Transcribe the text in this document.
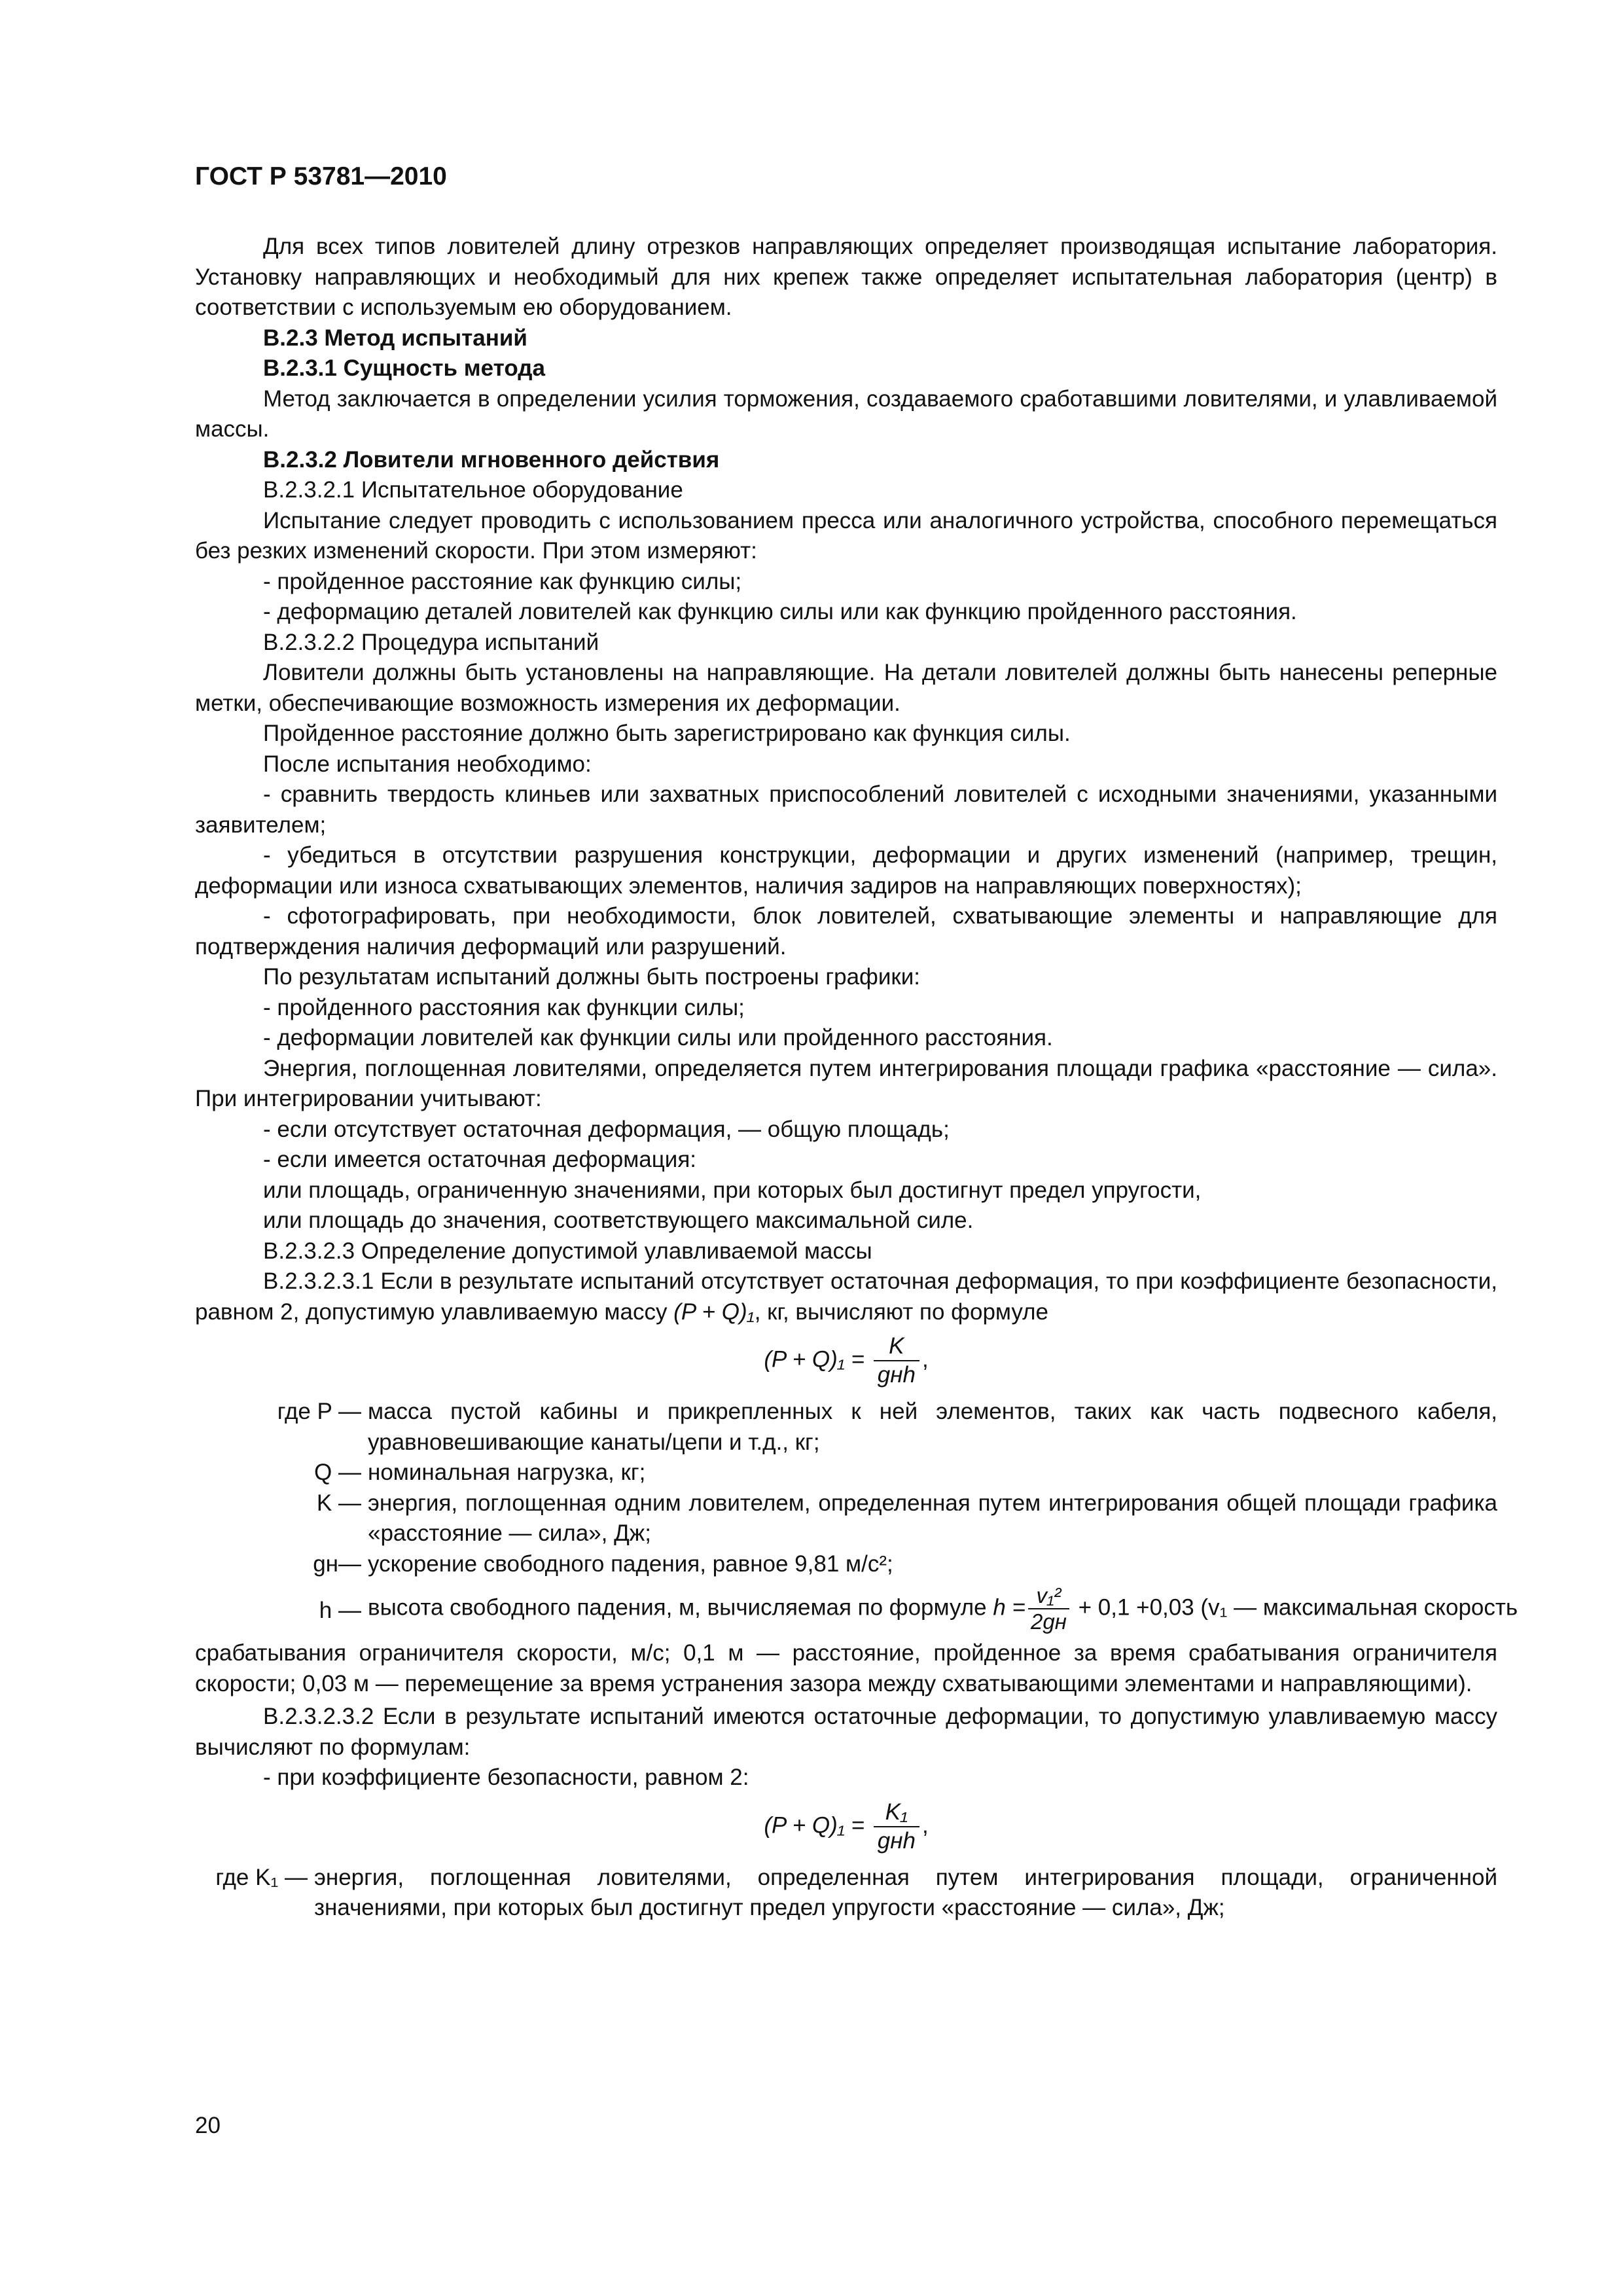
ГОСТ Р 53781—2010

Для всех типов ловителей длину отрезков направляющих определяет производящая испытание лаборатория. Установку направляющих и необходимый для них крепеж также определяет испытательная лаборатория (центр) в соответствии с используемым ею оборудованием.

В.2.3 Метод испытаний

В.2.3.1 Сущность метода

Метод заключается в определении усилия торможения, создаваемого сработавшими ловителями, и улавливаемой массы.

В.2.3.2 Ловители мгновенного действия

В.2.3.2.1 Испытательное оборудование

Испытание следует проводить с использованием пресса или аналогичного устройства, способного перемещаться без резких изменений скорости. При этом измеряют:

- пройденное расстояние как функцию силы;

- деформацию деталей ловителей как функцию силы или как функцию пройденного расстояния.

В.2.3.2.2 Процедура испытаний

Ловители должны быть установлены на направляющие. На детали ловителей должны быть нанесены реперные метки, обеспечивающие возможность измерения их деформации.

Пройденное расстояние должно быть зарегистрировано как функция силы.

После испытания необходимо:

- сравнить твердость клиньев или захватных приспособлений ловителей с исходными значениями, указанными заявителем;

- убедиться в отсутствии разрушения конструкции, деформации и других изменений (например, трещин, деформации или износа схватывающих элементов, наличия задиров на направляющих поверхностях);

- сфотографировать, при необходимости, блок ловителей, схватывающие элементы и направляющие для подтверждения наличия деформаций или разрушений.

По результатам испытаний должны быть построены графики:

- пройденного расстояния как функции силы;

- деформации ловителей как функции силы или пройденного расстояния.

Энергия, поглощенная ловителями, определяется путем интегрирования площади графика «расстояние — сила». При интегрировании учитывают:

- если отсутствует остаточная деформация, — общую площадь;

- если имеется остаточная деформация:

или площадь, ограниченную значениями, при которых был достигнут предел упругости,

или площадь до значения, соответствующего максимальной силе.

В.2.3.2.3 Определение допустимой улавливаемой массы

В.2.3.2.3.1 Если в результате испытаний отсутствует остаточная деформация, то при коэффициенте безопасности, равном 2, допустимую улавливаемую массу (P + Q)₁, кг, вычисляют по формуле

$(P + Q)_1 = \frac{K}{\text{gнh}}$ ,
где P — масса пустой кабины и прикрепленных к ней элементов, таких как часть подвесного кабеля, уравновешивающие канаты/цепи и т.д., кг;
Q — номинальная нагрузка, кг;
K — энергия, поглощенная одним ловителем, определенная путем интегрирования общей площади графика «расстояние — сила», Дж;
gн— ускорение свободного падения, равное 9,81 м/с²;
h — высота свободного падения, м, вычисляемая по формуле $h = \frac{\text{v₁²}}{2gн} + 0,1 +0,03$ (v₁ — максимальная скорость

срабатывания ограничителя скорости, м/с; 0,1 м — расстояние, пройденное за время срабатывания ограничителя скорости; 0,03 м — перемещение за время устранения зазора между схватывающими элементами и направляющими).

В.2.3.2.3.2 Если в результате испытаний имеются остаточные деформации, то допустимую улавливаемую массу вычисляют по формулам:

- при коэффициенте безопасности, равном 2:

$(P + Q)_1 = \frac{\text{K₁}}{\text{gнh}}$ ,
где K₁ — энергия, поглощенная ловителями, определенная путем интегрирования площади, ограниченной значениями, при которых был достигнут предел упругости «расстояние — сила», Дж;
20
